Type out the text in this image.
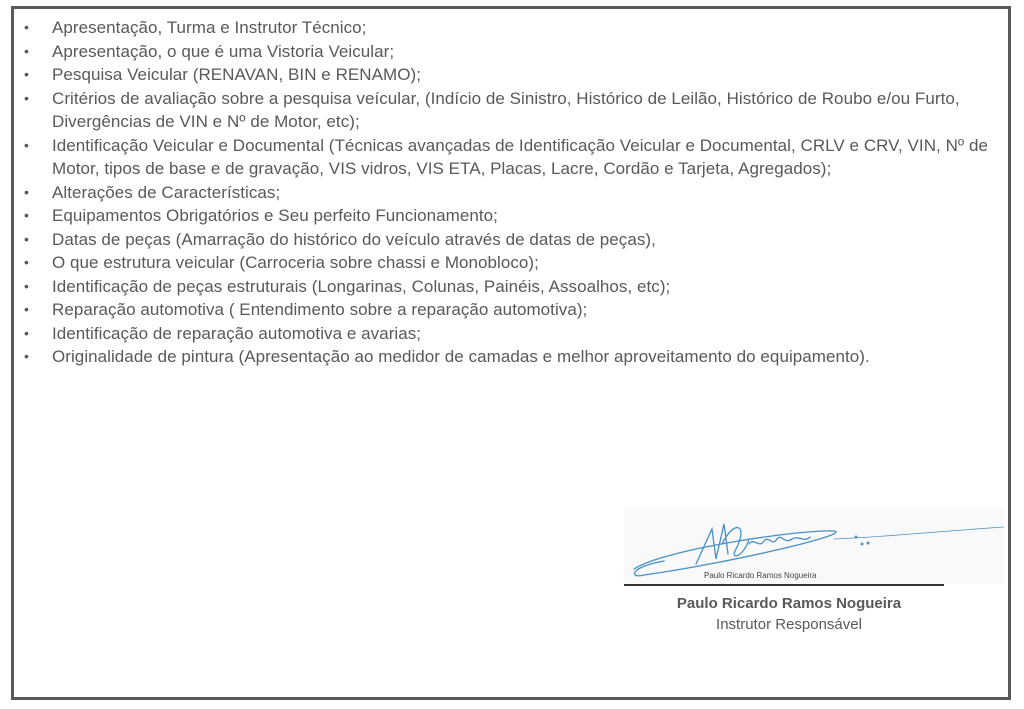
• Apresentação, Turma e Instrutor Técnico;
• Apresentação, o que é uma Vistoria Veicular;
• Pesquisa Veicular (RENAVAN, BIN e RENAMO);
• Critérios de avaliação sobre a pesquisa veícular, (Indício de Sinistro, Histórico de Leilão, Histórico de Roubo e/ou Furto, Divergências de VIN e Nº de Motor, etc);
• Identificação Veicular e Documental (Técnicas avançadas de Identificação Veicular e Documental, CRLV e CRV, VIN, Nº de Motor, tipos de base e de gravação, VIS vidros, VIS ETA, Placas, Lacre, Cordão e Tarjeta, Agregados);
• Alterações de Características;
• Equipamentos Obrigatórios e Seu perfeito Funcionamento;
• Datas de peças (Amarração do histórico do veículo através de datas de peças),
• O que estrutura veicular (Carroceria sobre chassi e Monobloco);
• Identificação de peças estruturais (Longarinas, Colunas, Painéis, Assoalhos, etc);
• Reparação automotiva ( Entendimento sobre a reparação automotiva);
• Identificação de reparação automotiva e avarias;
• Originalidade de pintura (Apresentação ao medidor de camadas e melhor aproveitamento do equipamento).
Paulo Ricardo Ramos Nogueira
Paulo Ricardo Ramos Nogueira
Instrutor Responsável
